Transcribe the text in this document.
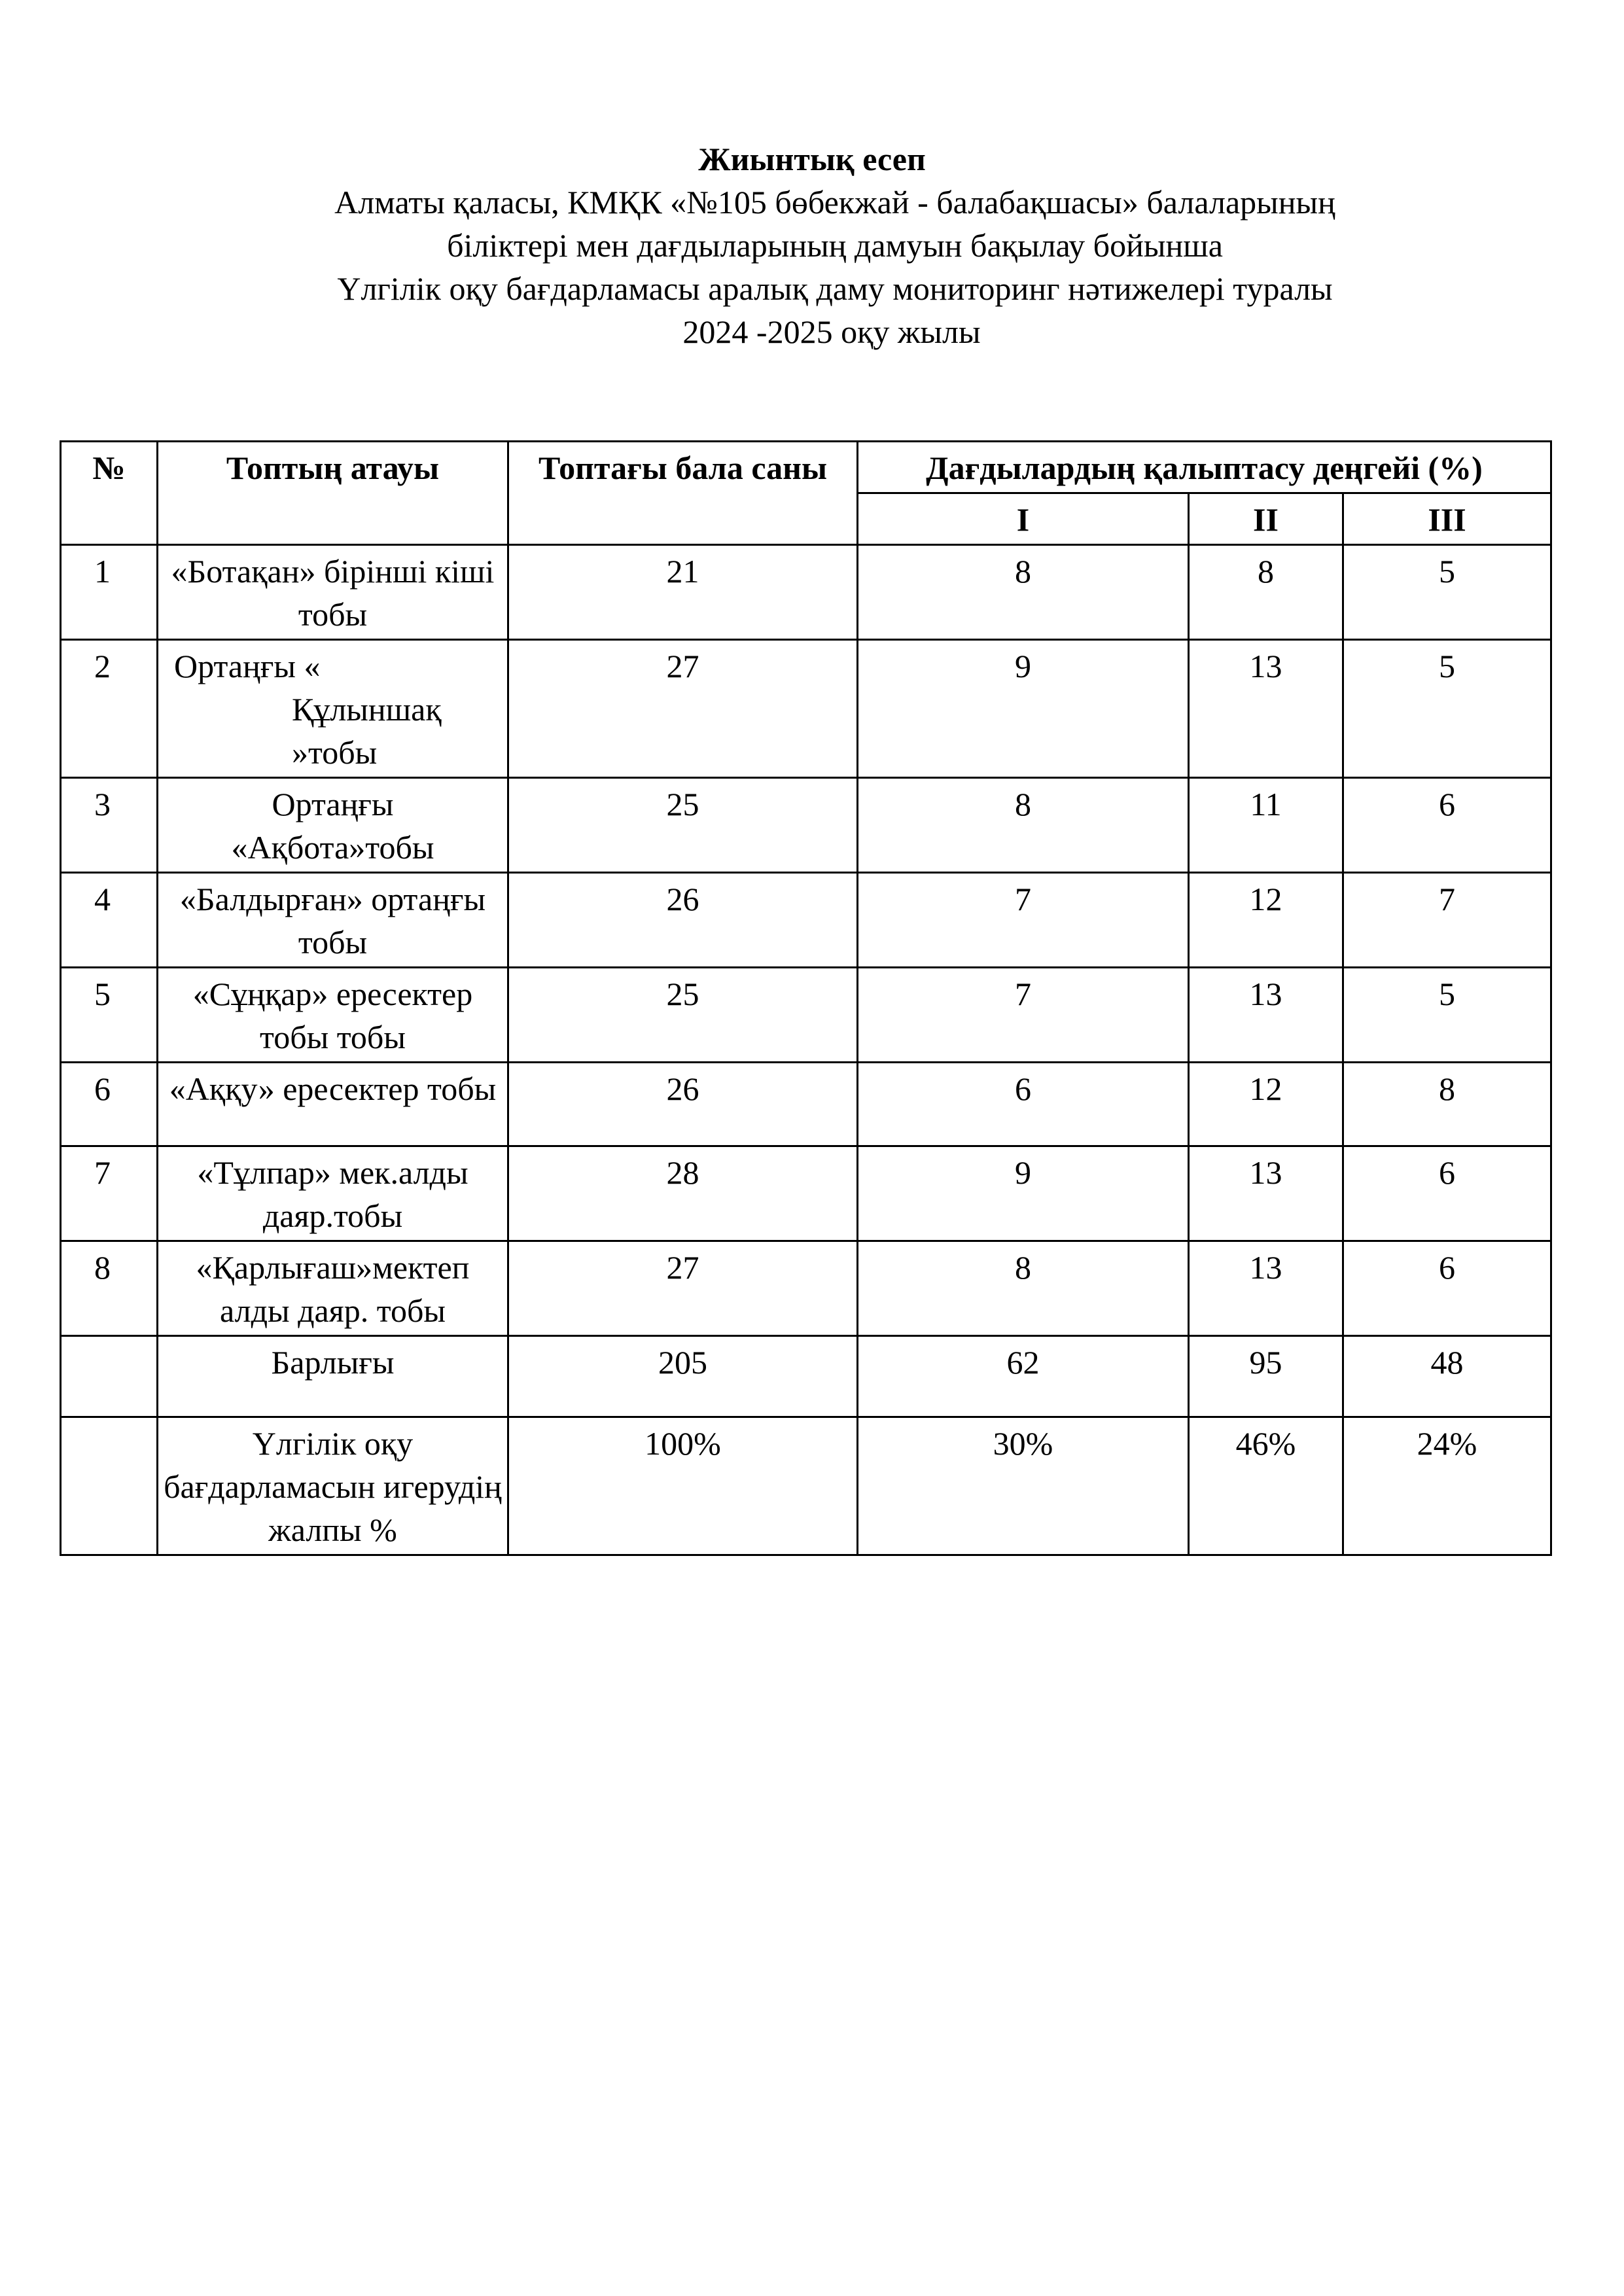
Жиынтық есеп

Алматы қаласы, КМҚК «№105 бөбекжай - балабақшасы» балаларының

біліктері мен дағдыларының дамуын бақылау бойынша

Үлгілік оқу бағдарламасы аралық даму мониторинг нәтижелері туралы

2024 -2025 оқу жылы

№	Топтың атауы	Топтағы бала саны	Дағдылардың қалыптасу деңгейі (%)		
			I	II	III
1	«Ботақан» бірінші кіші тобы	21	8	8	5
2	Ортаңғы «
Құлыншақ
»тобы	27	9	13	5
3	Ортаңғы
«Ақбота»тобы	25	8	11	6
4	«Балдырған» ортаңғы тобы	26	7	12	7
5	«Сұңқар» ересектер тобы тобы	25	7	13	5
6	«Аққу» ересектер тобы	26	6	12	8
7	«Тұлпар» мек.алды даяр.тобы	28	9	13	6
8	«Қарлығаш»мектеп алды даяр. тобы	27	8	13	6
	Барлығы	205	62	95	48
	Үлгілік оқу бағдарламасын игерудің жалпы %	100%	30%	46%	24%
